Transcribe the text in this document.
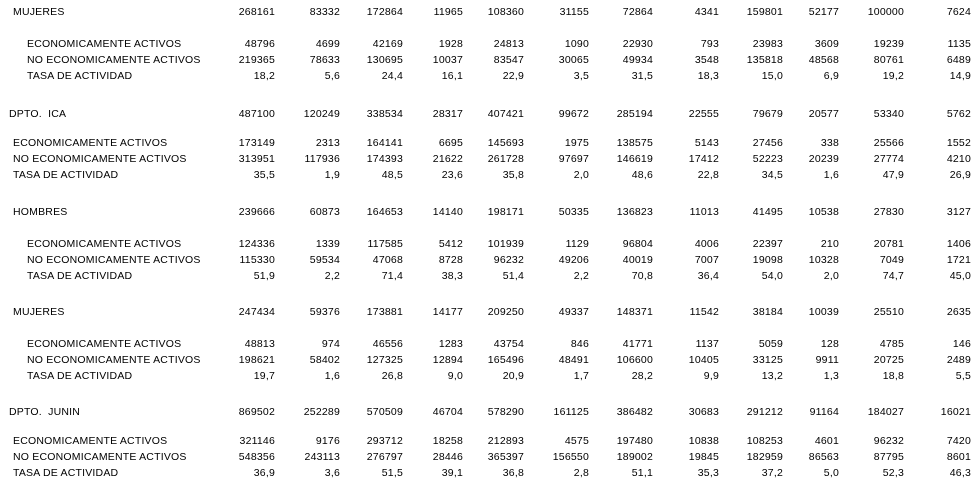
MUJERES	268161	83332	172864	11965	108360	31155	72864	4341	159801	52177	100000	7624
ECONOMICAMENTE ACTIVOS	48796	4699	42169	1928	24813	1090	22930	793	23983	3609	19239	1135
NO ECONOMICAMENTE ACTIVOS	219365	78633	130695	10037	83547	30065	49934	3548	135818	48568	80761	6489
TASA DE ACTIVIDAD	18,2	5,6	24,4	16,1	22,9	3,5	31,5	18,3	15,0	6,9	19,2	14,9
DPTO.  ICA	487100	120249	338534	28317	407421	99672	285194	22555	79679	20577	53340	5762
ECONOMICAMENTE ACTIVOS	173149	2313	164141	6695	145693	1975	138575	5143	27456	338	25566	1552
NO ECONOMICAMENTE ACTIVOS	313951	117936	174393	21622	261728	97697	146619	17412	52223	20239	27774	4210
TASA DE ACTIVIDAD	35,5	1,9	48,5	23,6	35,8	2,0	48,6	22,8	34,5	1,6	47,9	26,9
HOMBRES	239666	60873	164653	14140	198171	50335	136823	11013	41495	10538	27830	3127
ECONOMICAMENTE ACTIVOS	124336	1339	117585	5412	101939	1129	96804	4006	22397	210	20781	1406
NO ECONOMICAMENTE ACTIVOS	115330	59534	47068	8728	96232	49206	40019	7007	19098	10328	7049	1721
TASA DE ACTIVIDAD	51,9	2,2	71,4	38,3	51,4	2,2	70,8	36,4	54,0	2,0	74,7	45,0
MUJERES	247434	59376	173881	14177	209250	49337	148371	11542	38184	10039	25510	2635
ECONOMICAMENTE ACTIVOS	48813	974	46556	1283	43754	846	41771	1137	5059	128	4785	146
NO ECONOMICAMENTE ACTIVOS	198621	58402	127325	12894	165496	48491	106600	10405	33125	9911	20725	2489
TASA DE ACTIVIDAD	19,7	1,6	26,8	9,0	20,9	1,7	28,2	9,9	13,2	1,3	18,8	5,5
DPTO.  JUNIN	869502	252289	570509	46704	578290	161125	386482	30683	291212	91164	184027	16021
ECONOMICAMENTE ACTIVOS	321146	9176	293712	18258	212893	4575	197480	10838	108253	4601	96232	7420
NO ECONOMICAMENTE ACTIVOS	548356	243113	276797	28446	365397	156550	189002	19845	182959	86563	87795	8601
TASA DE ACTIVIDAD	36,9	3,6	51,5	39,1	36,8	2,8	51,1	35,3	37,2	5,0	52,3	46,3
